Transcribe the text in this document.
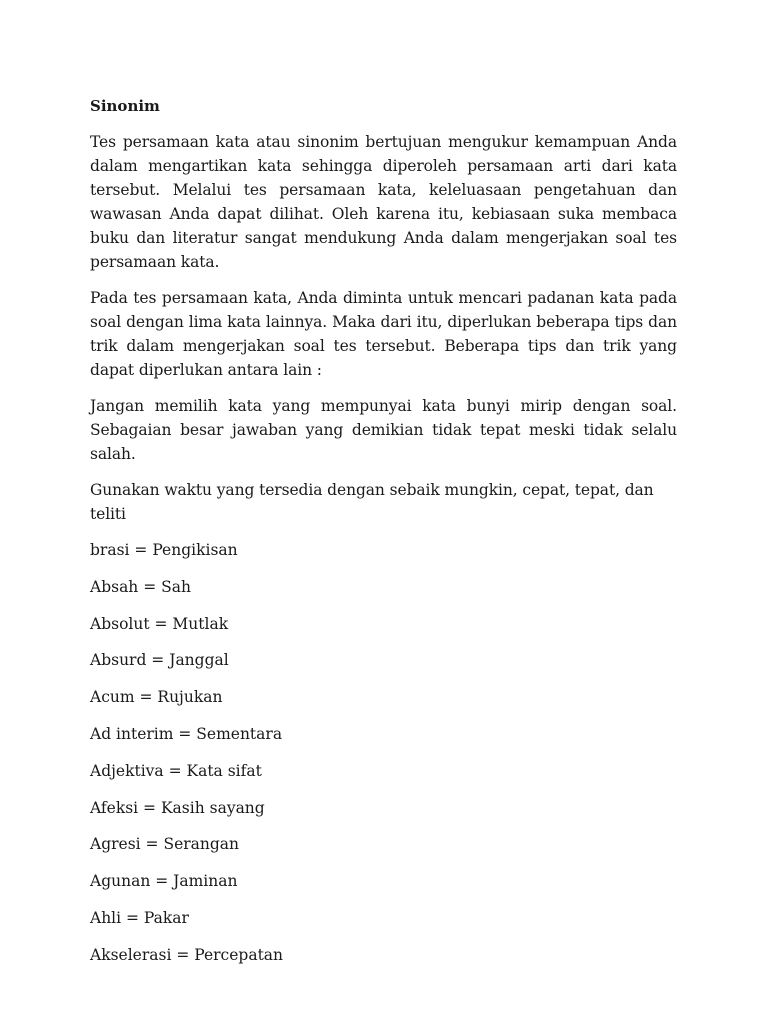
Sinonim

Tes persamaan kata atau sinonim bertujuan mengukur kemampuan Anda dalam mengartikan kata sehingga diperoleh persamaan arti dari kata tersebut. Melalui tes persamaan kata, keleluasaan pengetahuan dan wawasan Anda dapat dilihat. Oleh karena itu, kebiasaan suka membaca buku dan literatur sangat mendukung Anda dalam mengerjakan soal tes persamaan kata.

Pada tes persamaan kata, Anda diminta untuk mencari padanan kata pada soal dengan lima kata lainnya. Maka dari itu, diperlukan beberapa tips dan trik dalam mengerjakan soal tes tersebut. Beberapa tips dan trik yang dapat diperlukan antara lain :

Jangan memilih kata yang mempunyai kata bunyi mirip dengan soal. Sebagaian besar jawaban yang demikian tidak tepat meski tidak selalu salah.

Gunakan waktu yang tersedia dengan sebaik mungkin, cepat, tepat, dan teliti

brasi = Pengikisan
Absah = Sah
Absolut = Mutlak
Absurd = Janggal
Acum = Rujukan
Ad interim = Sementara
Adjektiva = Kata sifat
Afeksi = Kasih sayang
Agresi = Serangan
Agunan = Jaminan
Ahli = Pakar
Akselerasi = Percepatan
